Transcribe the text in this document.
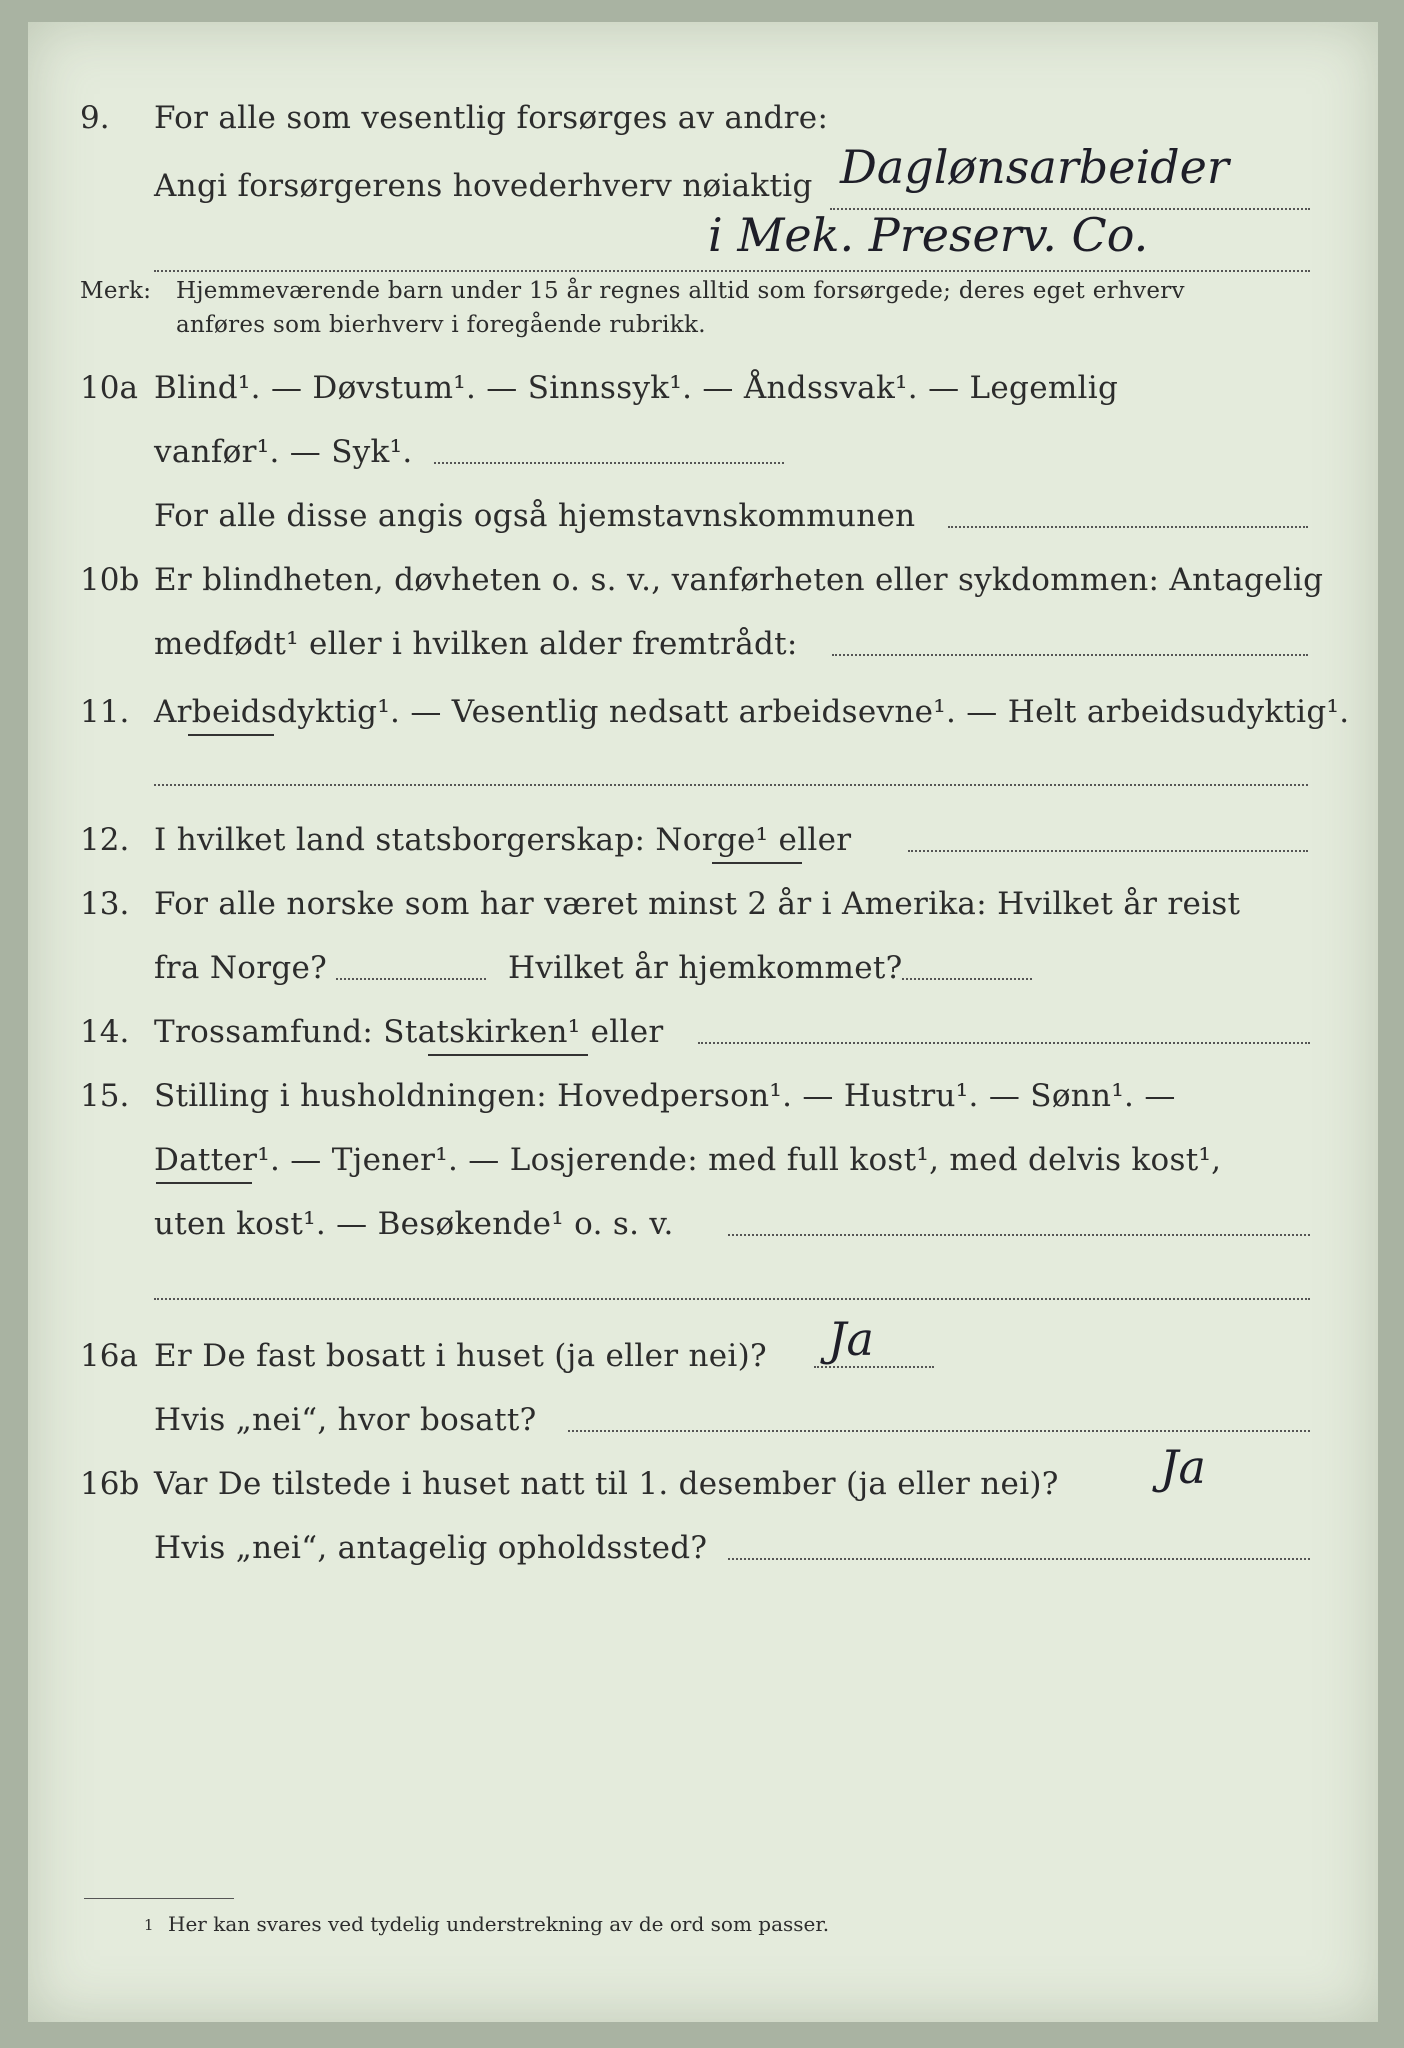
9. For alle som vesentlig forsørges av andre:
Angi forsørgerens hovederhverv nøiaktig Daglønsarbeider
i Mek. Preserv. Co.
Merk: Hjemmeværende barn under 15 år regnes alltid som forsørgede; deres eget erhverv
anføres som bierhverv i foregående rubrikk.
10a Blind¹. — Døvstum¹. — Sinnssyk¹. — Åndssvak¹. — Legemlig
vanfør¹. — Syk¹.
For alle disse angis også hjemstavnskommunen
10b Er blindheten, døvheten o. s. v., vanførheten eller sykdommen: Antagelig
medfødt¹ eller i hvilken alder fremtrådt:
11. Arbeidsdyktig¹. — Vesentlig nedsatt arbeidsevne¹. — Helt arbeidsudyktig¹.
12. I hvilket land statsborgerskap: Norge¹ eller
13. For alle norske som har været minst 2 år i Amerika: Hvilket år reist
fra Norge?	Hvilket år hjemkommet?
14. Trossamfund: Statskirken¹ eller
15. Stilling i husholdningen: Hovedperson¹. — Hustru¹. — Sønn¹. —
Datter¹. — Tjener¹. — Losjerende: med full kost¹, med delvis kost¹,
uten kost¹. — Besøkende¹ o. s. v.
16a Er De fast bosatt i huset (ja eller nei)? Ja
Hvis „nei“, hvor bosatt?
16b Var De tilstede i huset natt til 1. desember (ja eller nei)? Ja
Hvis „nei“, antagelig opholdssted?
1 Her kan svares ved tydelig understrekning av de ord som passer.
